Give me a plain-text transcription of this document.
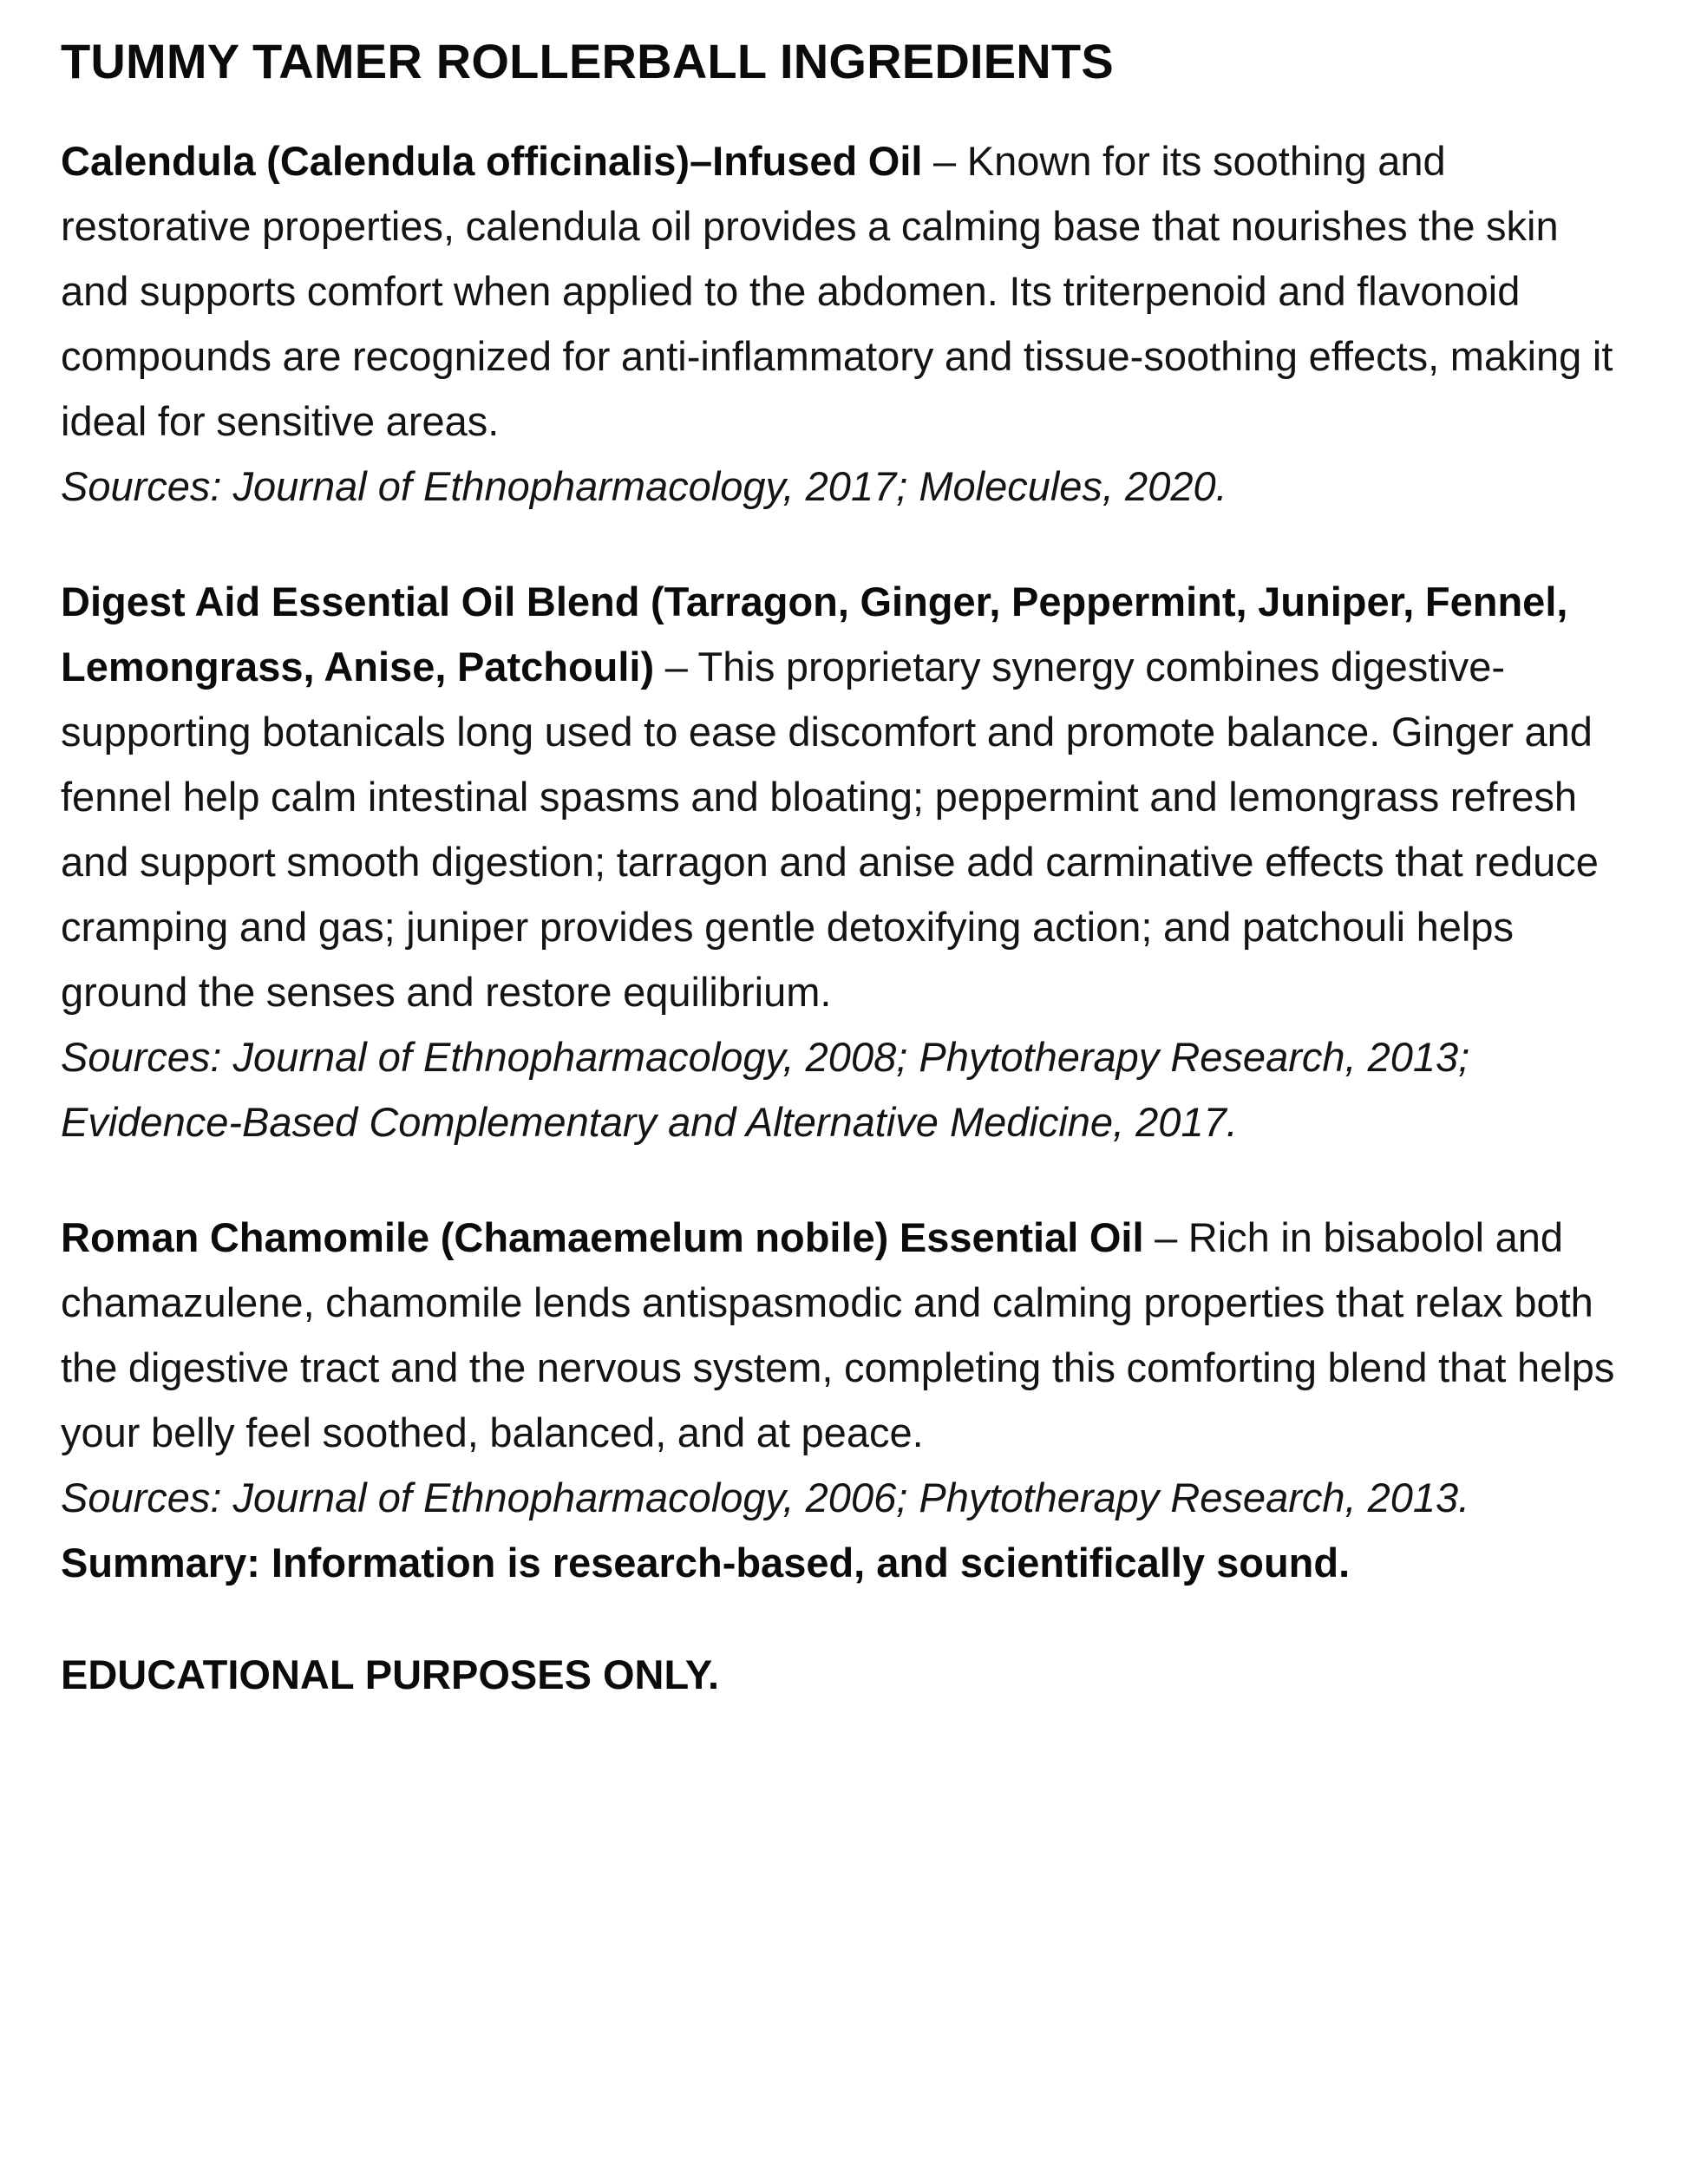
TUMMY TAMER ROLLERBALL INGREDIENTS

Calendula (Calendula officinalis)–Infused Oil – Known for its soothing and restorative properties, calendula oil provides a calming base that nourishes the skin and supports comfort when applied to the abdomen. Its triterpenoid and flavonoid compounds are recognized for anti-inflammatory and tissue-soothing effects, making it ideal for sensitive areas.

Sources: Journal of Ethnopharmacology, 2017; Molecules, 2020.

Digest Aid Essential Oil Blend (Tarragon, Ginger, Peppermint, Juniper, Fennel, Lemongrass, Anise, Patchouli) – This proprietary synergy combines digestive-supporting botanicals long used to ease discomfort and promote balance. Ginger and fennel help calm intestinal spasms and bloating; peppermint and lemongrass refresh and support smooth digestion; tarragon and anise add carminative effects that reduce cramping and gas; juniper provides gentle detoxifying action; and patchouli helps ground the senses and restore equilibrium.

Sources: Journal of Ethnopharmacology, 2008; Phytotherapy Research, 2013; Evidence-Based Complementary and Alternative Medicine, 2017.

Roman Chamomile (Chamaemelum nobile) Essential Oil – Rich in bisabolol and chamazulene, chamomile lends antispasmodic and calming properties that relax both the digestive tract and the nervous system, completing this comforting blend that helps your belly feel soothed, balanced, and at peace.

Sources: Journal of Ethnopharmacology, 2006; Phytotherapy Research, 2013.

Summary: Information is research-based, and scientifically sound.

EDUCATIONAL PURPOSES ONLY.
